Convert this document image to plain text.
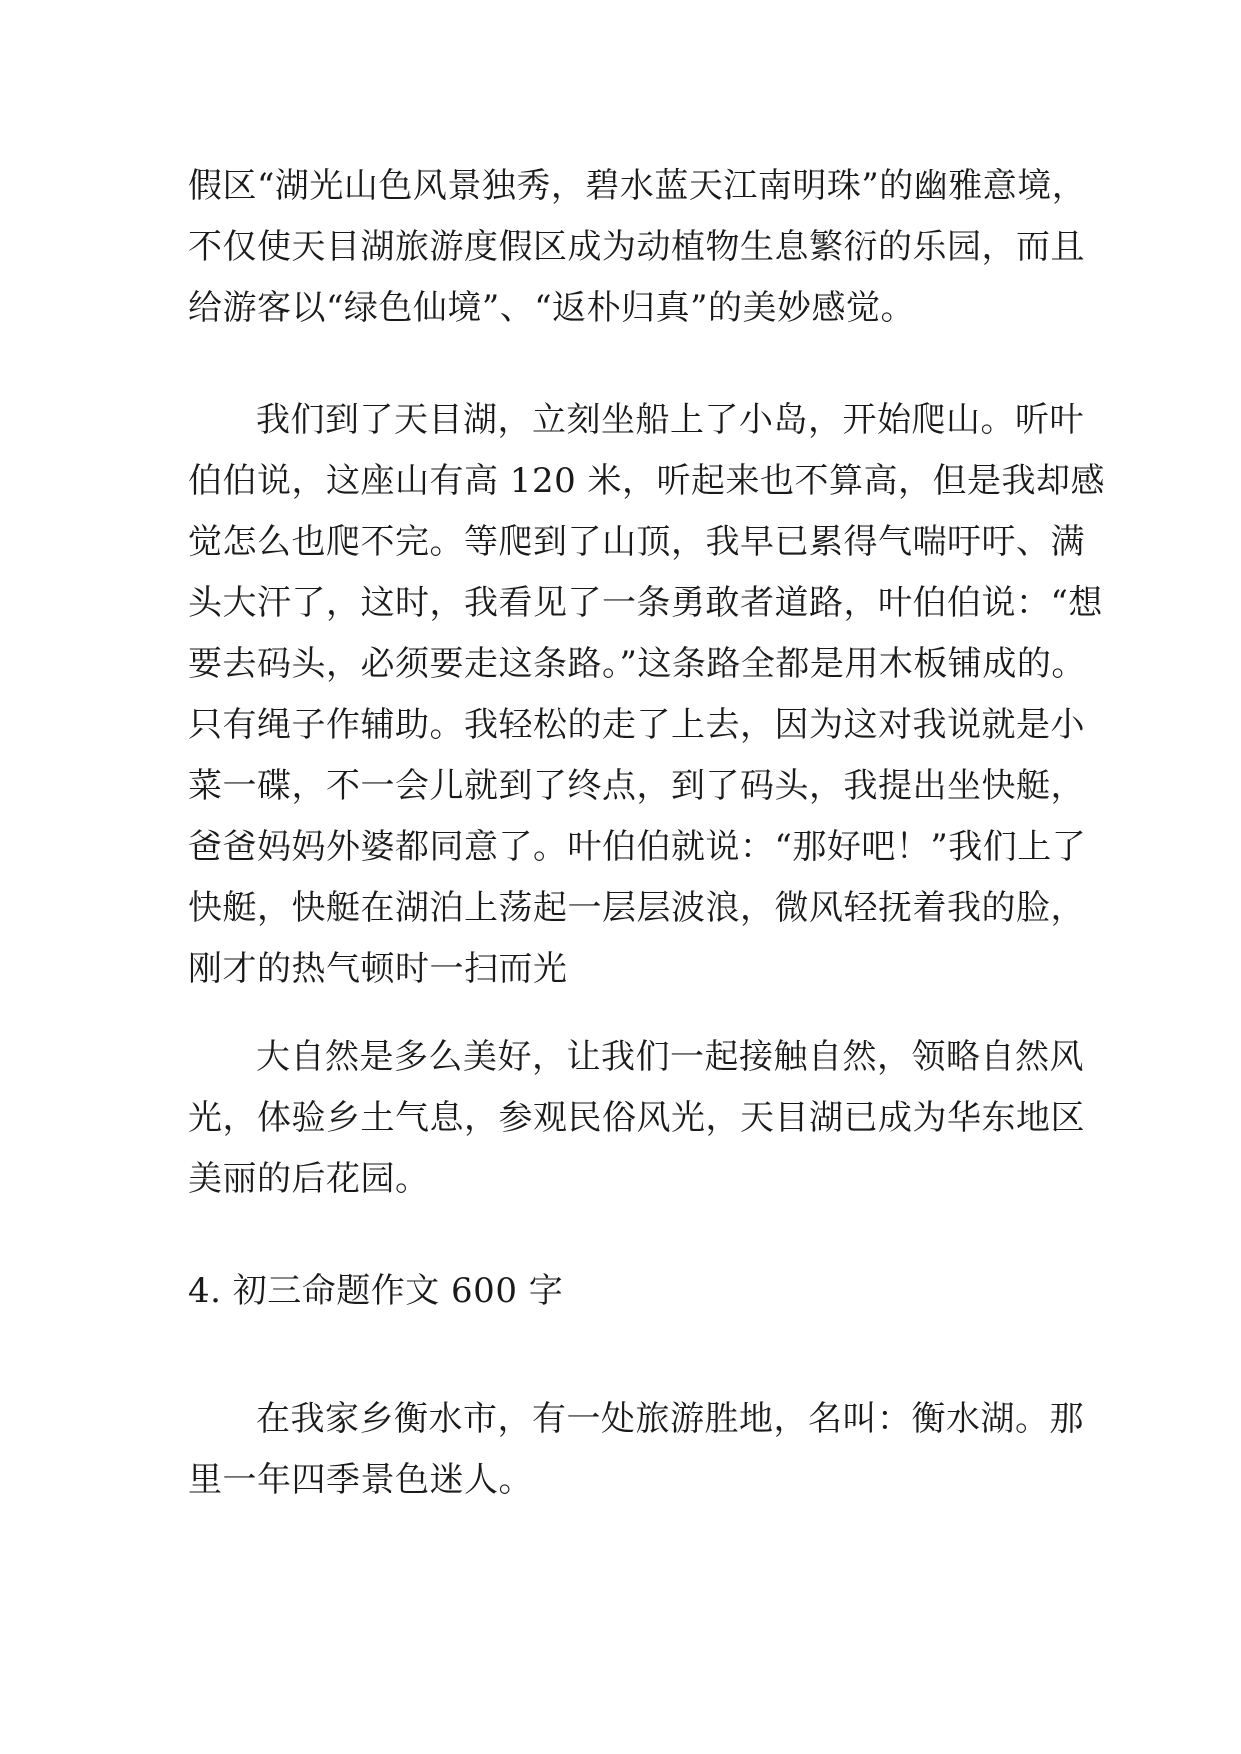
假区“湖光山色风景独秀，碧水蓝天江南明珠”的幽雅意境，
不仅使天目湖旅游度假区成为动植物生息繁衍的乐园，而且
给游客以“绿色仙境”、“返朴归真”的美妙感觉。
我们到了天目湖，立刻坐船上了小岛，开始爬山。听叶
伯伯说，这座山有高 120 米，听起来也不算高，但是我却感
觉怎么也爬不完。等爬到了山顶，我早已累得气喘吁吁、满
头大汗了，这时，我看见了一条勇敢者道路，叶伯伯说：“想
要去码头，必须要走这条路。”这条路全都是用木板铺成的。
只有绳子作辅助。我轻松的走了上去，因为这对我说就是小
菜一碟，不一会儿就到了终点，到了码头，我提出坐快艇，
爸爸妈妈外婆都同意了。叶伯伯就说：“那好吧！”我们上了
快艇，快艇在湖泊上荡起一层层波浪，微风轻抚着我的脸，
刚才的热气顿时一扫而光
大自然是多么美好，让我们一起接触自然，领略自然风
光，体验乡土气息，参观民俗风光，天目湖已成为华东地区
美丽的后花园。
4. 初三命题作文 600 字
在我家乡衡水市，有一处旅游胜地，名叫：衡水湖。那
里一年四季景色迷人。
